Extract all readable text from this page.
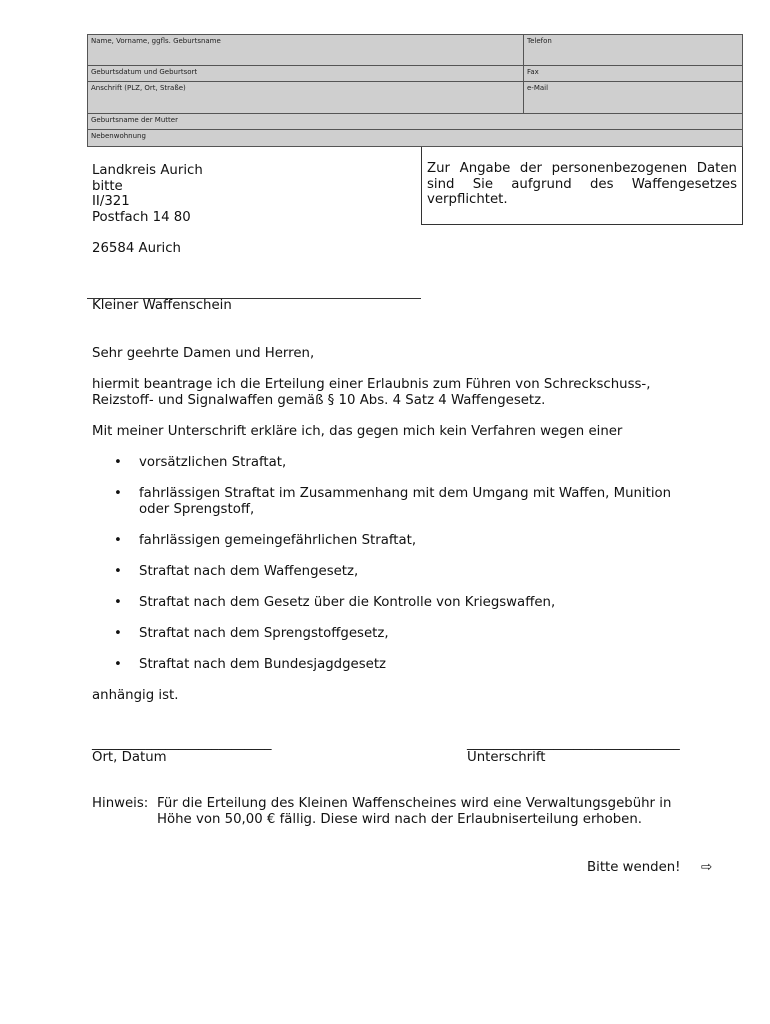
Name, Vorname, ggfls. Geburtsname	Telefon
Geburtsdatum und Geburtsort	Fax
Anschrift (PLZ, Ort, Straße)	e-Mail
Geburtsname der Mutter
Nebenwohnung
Landkreis Aurich
bitte
II/321
Postfach 14 80
26584 Aurich
Zur Angabe der personenbezogenen Daten
sind Sie aufgrund des Waffengesetzes
verpflichtet.
Kleiner Waffenschein
Sehr geehrte Damen und Herren,
hiermit beantrage ich die Erteilung einer Erlaubnis zum Führen von Schreckschuss-,
Reizstoff- und Signalwaffen gemäß § 10 Abs. 4 Satz 4 Waffengesetz.
Mit meiner Unterschrift erkläre ich, das gegen mich kein Verfahren wegen einer
• vorsätzlichen Straftat,
• fahrlässigen Straftat im Zusammenhang mit dem Umgang mit Waffen, Munition
oder Sprengstoff,
• fahrlässigen gemeingefährlichen Straftat,
• Straftat nach dem Waffengesetz,
• Straftat nach dem Gesetz über die Kontrolle von Kriegswaffen,
• Straftat nach dem Sprengstoffgesetz,
• Straftat nach dem Bundesjagdgesetz
anhängig ist.
___________________________
Ort, Datum
________________________________
Unterschrift
Hinweis: Für die Erteilung des Kleinen Waffenscheines wird eine Verwaltungsgebühr in
Höhe von 50,00 € fällig. Diese wird nach der Erlaubniserteilung erhoben.
Bitte wenden! ⇨
